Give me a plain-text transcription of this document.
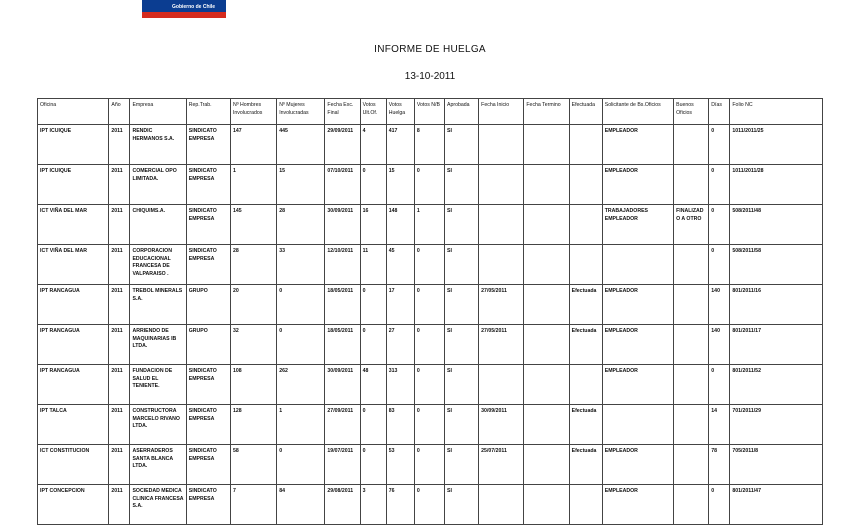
Gobierno de Chile
INFORME DE HUELGA
13-10-2011
Oficina	Año	Empresa	Rep.Trab.	Nº Hombres Involucrados	Nº Mujeres Involucradas	Fecha Exc. Final	Votos Ult.Of.	Votos Huelga	Votos N/B	Aprobada	Fecha Inicio	Fecha Termino	Efectuada	Solicitante de Bs.Oficios	Buenos Oficios	Días	Folio NC
IPT ICUIQUE	2011	RENDIC HERMANOS S.A.	SINDICATO EMPRESA	147	445	29/09/2011	4	417	8	SI				EMPLEADOR		0	1011/2011/25
IPT ICUIQUE	2011	COMERCIAL OPO LIMITADA.	SINDICATO EMPRESA	1	15	07/10/2011	0	15	0	SI				EMPLEADOR		0	1011/2011/28
ICT VIÑA DEL MAR	2011	CHIQUIMS.A.	SINDICATO EMPRESA	145	28	30/09/2011	16	148	1	SI				TRABAJADORES EMPLEADOR	FINALIZADO A OTRO	0	508/2011/48
ICT VIÑA DEL MAR	2011	CORPORACION EDUCACIONAL FRANCESA DE VALPARAISO .	SINDICATO EMPRESA	28	33	12/10/2011	11	45	0	SI						0	508/2011/58
IPT RANCAGUA	2011	TREBOL MINERALS S.A.	GRUPO	20	0	18/05/2011	0	17	0	SI	27/05/2011		Efectuada	EMPLEADOR		140	801/2011/16
IPT RANCAGUA	2011	ARRIENDO DE MAQUINARIAS IB LTDA.	GRUPO	32	0	18/05/2011	0	27	0	SI	27/05/2011		Efectuada	EMPLEADOR		140	801/2011/17
IPT RANCAGUA	2011	FUNDACION DE SALUD EL TENIENTE.	SINDICATO EMPRESA	108	262	30/09/2011	48	313	0	SI				EMPLEADOR		0	801/2011/52
IPT TALCA	2011	CONSTRUCTORA MARCELO RIVANO LTDA.	SINDICATO EMPRESA	128	1	27/09/2011	0	83	0	SI	30/09/2011		Efectuada			14	701/2011/29
ICT CONSTITUCION	2011	ASERRADEROS SANTA BLANCA LTDA.	SINDICATO EMPRESA	58	0	19/07/2011	0	53	0	SI	25/07/2011		Efectuada	EMPLEADOR		78	705/2011/8
IPT CONCEPCION	2011	SOCIEDAD MEDICA CLINICA FRANCESA S.A.	SINDICATO EMPRESA	7	84	29/08/2011	3	76	0	SI				EMPLEADOR		0	801/2011/47
